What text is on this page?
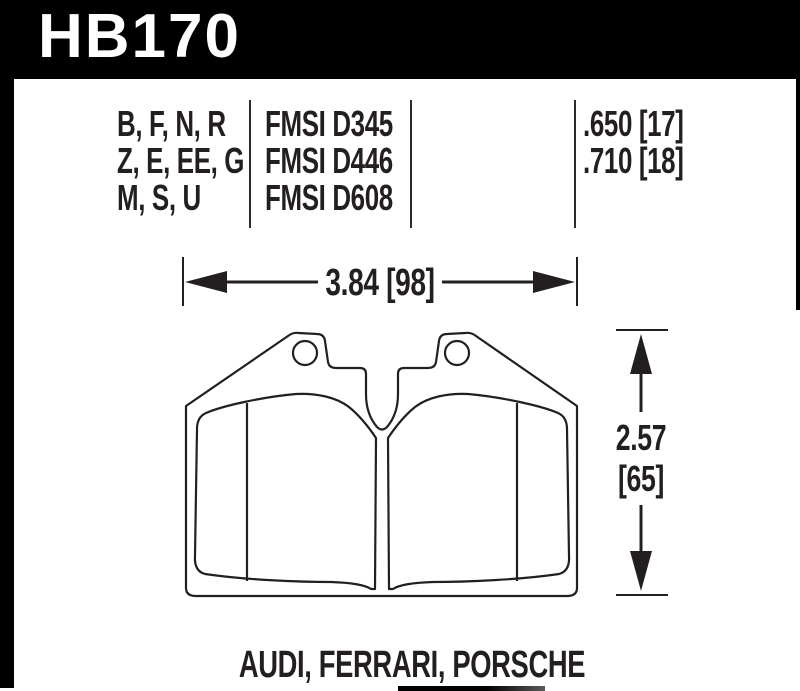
HB170
B, F, N, R
Z, E, EE, G
M, S, U
FMSI D345
FMSI D446
FMSI D608
.650 [17]
.710 [18]
3.84 [98]
2.57
[65]
AUDI, FERRARI, PORSCHE
